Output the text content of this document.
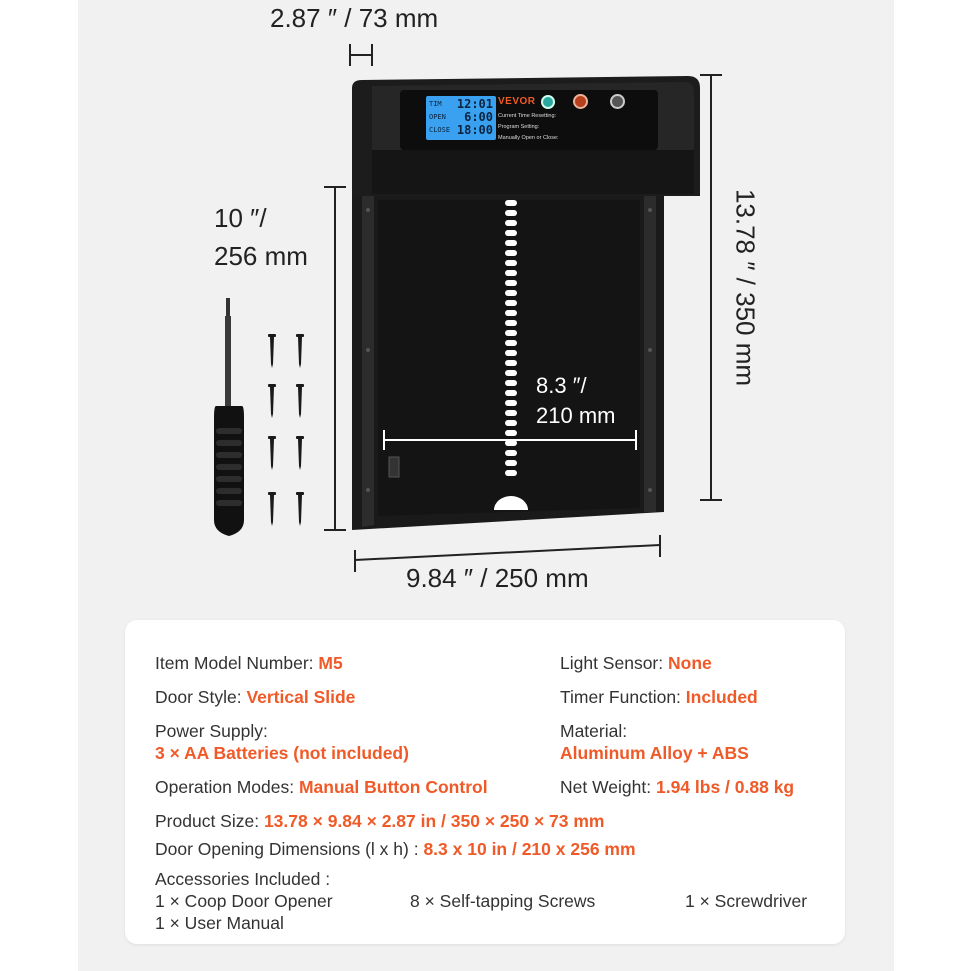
TIM 12:01
OPEN 6:00
CLOSE 18:00
VEVOR
Current Time Resetting:
Program Setting:
Manually Open or Close:
2.87 ″ / 73 mm
10 ″/
256 mm	13.78 ″ / 350 mm
8.3 ″/
210 mm
9.84 ″ / 250 mm
Item Model Number: M5	Light Sensor: None
Door Style: Vertical Slide	Timer Function: Included
Power Supply:
3 × AA Batteries (not included)
Material:
Aluminum Alloy + ABS
Operation Modes: Manual Button Control	Net Weight: 1.94 lbs / 0.88 kg
Product Size: 13.78 × 9.84 × 2.87 in / 350 × 250 × 73 mm
Door Opening Dimensions (l x h) : 8.3 x 10 in / 210 x 256 mm
Accessories Included :
1 × Coop Door Opener	8 × Self-tapping Screws	1 × Screwdriver
1 × User Manual
